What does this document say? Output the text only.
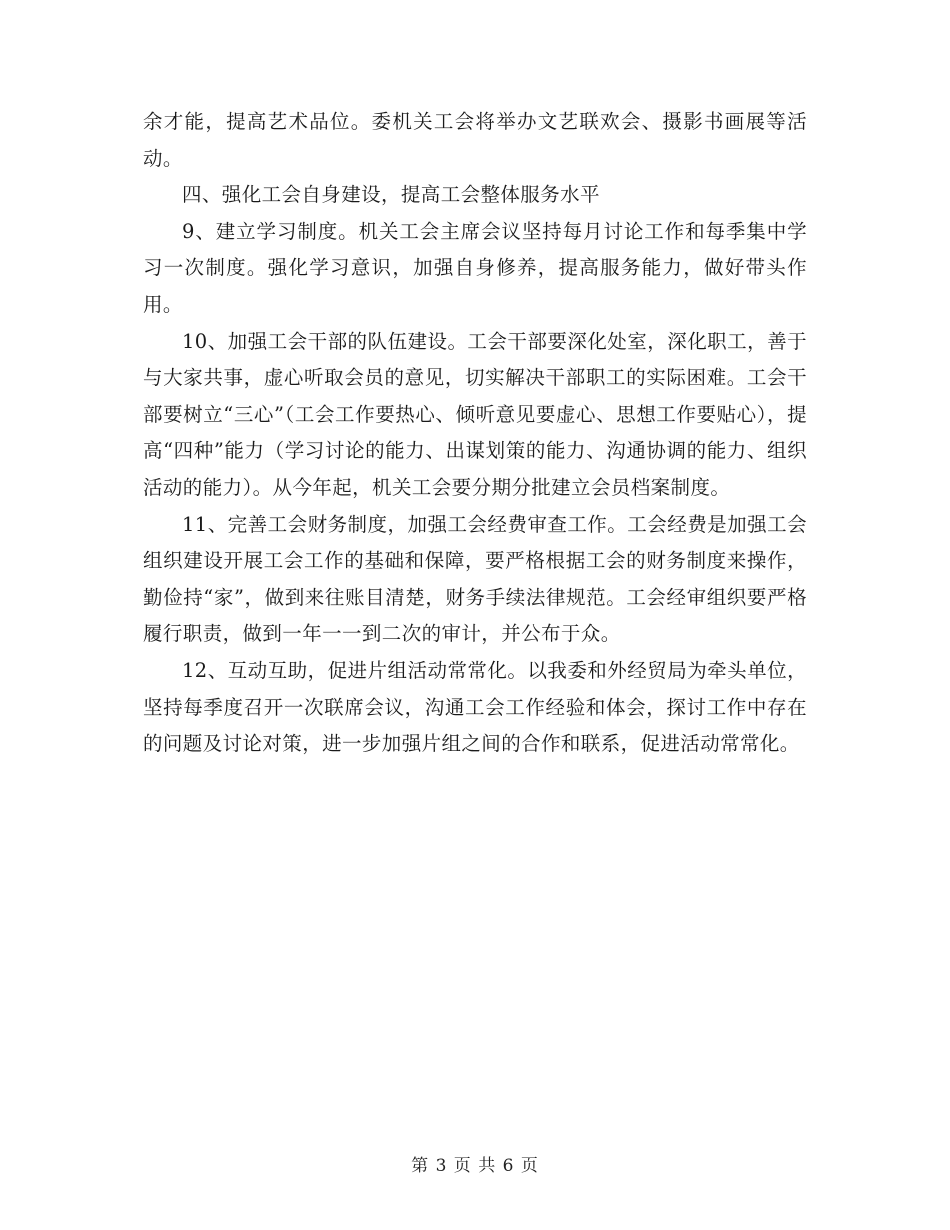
余才能，提高艺术品位。委机关工会将举办文艺联欢会、摄影书画展等活动。

四、强化工会自身建设，提高工会整体服务水平

9、建立学习制度。机关工会主席会议坚持每月讨论工作和每季集中学习一次制度。强化学习意识，加强自身修养，提高服务能力，做好带头作用。

10、加强工会干部的队伍建设。工会干部要深化处室，深化职工，善于与大家共事，虚心听取会员的意见，切实解决干部职工的实际困难。工会干部要树立“三心”（工会工作要热心、倾听意见要虚心、思想工作要贴心），提高“四种”能力（学习讨论的能力、出谋划策的能力、沟通协调的能力、组织活动的能力）。从今年起，机关工会要分期分批建立会员档案制度。

11、完善工会财务制度，加强工会经费审查工作。工会经费是加强工会组织建设开展工会工作的基础和保障，要严格根据工会的财务制度来操作，勤俭持“家”，做到来往账目清楚，财务手续法律规范。工会经审组织要严格履行职责，做到一年一一到二次的审计，并公布于众。

12、互动互助，促进片组活动常常化。以我委和外经贸局为牵头单位，坚持每季度召开一次联席会议，沟通工会工作经验和体会，探讨工作中存在的问题及讨论对策，进一步加强片组之间的合作和联系，促进活动常常化。

第 3 页 共 6 页
